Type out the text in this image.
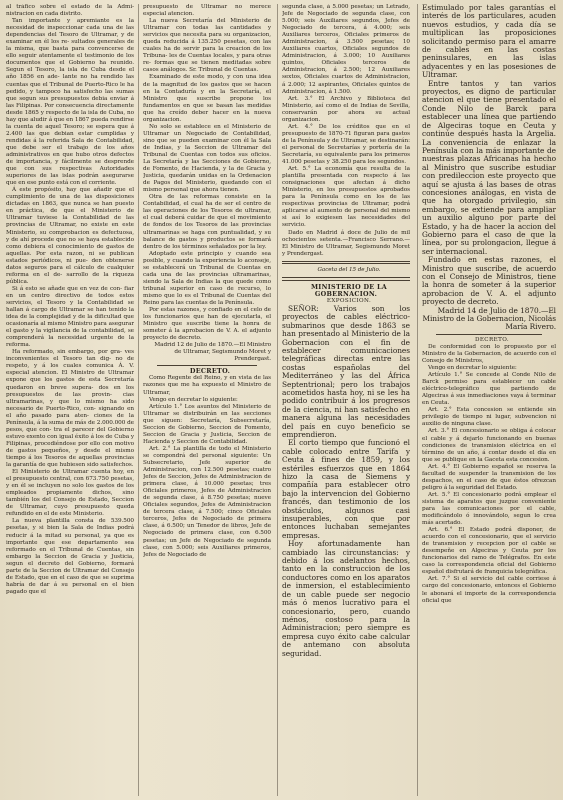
al tráfico sobre el estado de la Admi- nistracion en cada distrito.

Tan importante y apremiante es la necesidad de inspeccionar cada una de las dependencias del Tesoro de Ultramar, y de examinar en él los re- sultados generales de la misma, que basta para convencerse de ello seguir atentamente el testimonio de los documentos que el Gobierno ha reunido. Segun el Tesoro, la isla de Cuba desde el año 1856 en ade- lante no ha rendido las cuentas que el Tribunal de Puerto-Rico le ha pedido, y tampoco ha satisfecho las sumas que segun sus presupuestos debia enviar á las Filipinas. Por consecuencia directamente desde 1865 y respecto de la isla de Cuba, no hay que aludir á que en 1867 pueda rendirse la cuenta de aquel Tesoro; se espera que á 2.400 las que debian estar cumplidas y rendidas á la referida Sala de Contabilidad, que debe ser el trabajo de los años administrativos en que hubo otros defectos de importancia, y fácilmente se desprende que con sus respectivas Autoridades superiores de las islas podrán asegurarse que en ese punto está con el corriente.

Á este propósito, hay que añadir que el cumplimiento de una de las disposiciones dictadas en 1863, que nunca se han puesto en práctica, de que el Ministerio de Ultramar tuviese la Contabilidad de las provincias de Ultramar, no existe en este Ministerio, su comprobacion es defectuosa, y de ahí procede que no se haya establecido como debiera el conocimiento de gastos de aquellas. Por esta razon, ni se publican estados periódicos, ni pue- den obtenerse datos seguros para el cálculo de cualquier reforma en el de- sarrollo de la riqueza pública.

Si á esto se añade que en vez de con- fiar en un centro directivo de todos estos servicios, el Tesoro y la Contabilidad se hallan á cargo de Ultramar se han tenido la idea de la complejidad y de la dificultad que ocasionaría al mismo Ministro para asegurar el gasto y la vigilancia de la contabilidad, se comprenderá la necesidad urgente de la reforma.

Ha reformado, sin embargo, por gra- ves inconvenientes el Tesoro tan dig- no de respeto, y á los cuales comunica Á. V. especial atencion. El Ministro de Ultramar expone que los gastos de esta Secretaría quedaron en breve supera- dos en los presupuestos de las provin- cias ultramarinas, y que lo mismo ha sido necesario de Puerto-Rico, con- signando en el año pasado para aten- ciones de la Península, á la suma de más de 2.000.000 de pesos, que con- tra el parecer del Gobierno estuvo exento con igual éxito á los de Cuba y Filipinas, procediéndose por ello con motivo de gastos pequeños, y desde el mismo tiempo á los Tesoros de aquellas provincias la garantía de que hubiesen sido satisfechos.

El Ministerio de Ultramar cuenta hoy, en el presupuesto central, con 673.750 pesetas, y en él se incluyen no solo los gastos de los empleados propiamente dichos, sino también los del Consejo de Estado, Seccion de Ultramar, cuyo presupuesto queda refundido en el de este Ministerio.

La nueva plantilla consta de 539.500 pesetas, y si bien la Sala de Indias podrá reducir á la mitad su personal, ya que es importante que ese departamento sea reformado en el Tribunal de Cuentas, sin embargo la Seccion de Gracia y Justicia, segun el decreto del Gobierno, formará parte de la Seccion de Ultramar del Consejo de Estado, que en el caso de que se suprima habría de dar á su personal en el bien pagado que el

presupuesto de Ultramar no merece especial atencion.

La nueva Secretaría del Ministerio de Ultramar con todas las cantidades y servicios que necesita para su organizacion, queda reducida á 135.250 pesetas, con las cuales ha de servir para la creacion de los Tribuna- les de Cuentas locales, y para otras re- formas que se tienen meditadas sobre casos análogos. Sr. Tribunal de Cuentas.

Examinado de este modo, y con una idea de la magnitud de los gastos que se hacen en la Contaduría y en la Secretaría, el Ministro que suscribe propone los fundamentos en que se basan las medidas que ha creído deber hacer en la nueva organizacion.

No solo se establece en el Ministerio de Ultramar un Negociado de Contabilidad, sino que se pueden examinar con él la Sala de Indias, y la Seccion de Ultramar del Tribunal de Cuentas con todos sus oficios. La Secretaría y las Secciones de Gobierno, de Fomento, de Hacienda, y la de Gracia y Justicia, quedarán unidas en la Ordenacion de Pagos del Ministerio, quedando con el mismo personal que ahora tienen.

Otra de las reformas consiste en la Contabilidad, el cual ha de ser el centro de las operaciones de los Tesoros de ultramar, el cual deberá cuidar de que el movimiento de fondos de los Tesoros de las provincias ultramarinas se haga con puntualidad, y su balance de gastos y productos se formará dentro de los términos señalados por la ley.

Adoptado este principio y cuando sea posible, y cuando la experiencia lo aconseje, se establecerá un Tribunal de Cuentas en cada una de las provincias ultramarinas, siendo la Sala de Indias la que quede como tribunal superior en caso de recurso, lo mismo que lo es el Tribunal de Cuentas del Reino para las cuentas de la Península.

Por estas razones, y confiado en el celo de los funcionarios que han de ejecutarla, el Ministro que suscribe tiene la honra de someter á la aprobacion de V. A. el adjunto proyecto de decreto.

Madrid 12 de Julio de 1870.—El Ministro de Ultramar, Segismundo Moret y Prendergast.

DECRETO.

Como Regente del Reino, y en vista de las razones que me ha expuesto el Ministro de Ultramar,

Vengo en decretar lo siguiente:

Artículo 1.° Los asuntos del Ministerio de Ultramar se distribuirán en las secciones que siguen: Secretaría, Subsecretaría, Seccion de Gobierno, Seccion de Fomento, Seccion de Gracia y Justicia, Seccion de Hacienda y Seccion de Contabilidad.

Art. 2.° La plantilla de todo el Ministerio se compondrá del personal siguiente: Un Subsecretario, Jefe superior de Administracion, con 12.500 pesetas; cuatro Jefes de Seccion, Jefes de Administracion de primera clase, á 10.000 pesetas; tres Oficiales primeros, Jefes de Administracion de segunda clase, á 8.750 pesetas; nueve Oficiales segundos, Jefes de Administracion de tercera clase, á 7.500; cinco Oficiales terceros, Jefes de Negociado de primera clase, á 6.500; un Tenedor de libros, Jefe de Negociado de primera clase, con 6.500 pesetas; un Jefe de Negociado de segunda clase, con 5.000; seis Auxiliares primeros, Jefes de Negociado de

segunda clase, á 5.000 pesetas; un Letrado, Jefe de Negociado de segunda clase, con 5.000; seis Auxiliares segundos, Jefes de Negociado de tercera, á 4.000; seis Auxiliares terceros, Oficiales primeros de Administracion, á 3.500 pesetas; 10 Auxiliares cuartos, Oficiales segundos de Administracion, á 3.000; 10 Auxiliares quintos, Oficiales terceros de Administracion, á 2.500; 12 Auxiliares sextos, Oficiales cuartos de Administracion, á 2.000; 12 aspirantes, Oficiales quintos de Administracion, á 1.500.

Art. 3.° El Archivo y Biblioteca del Ministerio, así como el de Indias de Sevilla, conservarán por ahora su actual organizacion.

Art. 4.° De los créditos que en el presupuesto de 1870-71 figuran para gastos de la Península y de Ultramar, se destinarán: el personal de Secretarías y portería de la Secretaría, su equivalente para los primeros 41.000 pesetas y 38.250 para los segundos.

Art. 5.° La economía que resulta de la plantilla presentada con respecto á las consignaciones que afectan á dicho Ministerio, en los presupuestos aprobados para la Península como en los de las respectivas provincias de Ultramar, podrá aplicarse al aumento de personal del mismo si así lo exigiesen las necesidades del servicio.

Dado en Madrid á doce de Julio de mil ochocientos setenta.—Francisco Serrano.—El Ministro de Ultramar, Segismundo Moret y Prendergast.

Gaceta del 15 de Julio.

MINISTERIO DE LA GOBERNACION.

EXPOSICION.

SEÑOR: Varios son los proyectos de cables eléctrico-submarinos que desde 1863 se han presentado al Ministerio de la Gobernacion con el fin de establecer comunicaciones telegráficas directas entre las costas españolas del Mediterráneo y las del África Septentrional; pero los trabajos acometidos hasta hoy, ni se les ha podido contribuir á los progresos de la ciencia, ni han satisfecho en manera alguna las necesidades del país en cuyo beneficio se emprendieron.

El corto tiempo que funcionó el cable colocado entre Tarifa y Ceuta á fines de 1859, y los estériles esfuerzos que en 1864 hizo la casa de Siemens y compañía para establecer otro bajo la intervencion del Gobierno francés, dan testimonio de los obstáculos, algunos casi insuperables, con que por entonces luchaban semejantes empresas.

Hoy afortunadamente han cambiado las circunstancias: y debido á los adelantos hechos, tanto en la construccion de los conductores como en los aparatos de inmersion, el establecimiento de un cable puede ser negocio más ó menos lucrativo para el concesionario, pero, cuando ménos, costoso para la Administracion; pero siempre es empresa cuyo éxito cabe calcular de antemano con absoluta seguridad.

Estimulado por tales garantías el interés de los particulares, acuden nuevos estudios, y cada día se multiplican las proposiciones solicitando permiso para el amarre de cables en las costas peninsulares, en las islas adyacentes y en las posesiones de Ultramar.

Entre tantos y tan varios proyectos, es digno de particular atencion el que tiene presentado el Conde Nilo de Barck para establecer una línea que partiendo de Algeciras toque en Ceuta y continúe después hasta la Argelia. La conveniencia de enlazar la Península con la más importante de nuestras plazas Africanas ha hecho al Ministro que suscribe estudiar con predileccion este proyecto que aquí se ajusta á las bases de otras concesiones análogas, en vista de que ha otorgado privilegio, sin embargo, se extiende para ampliar un auxilio alguno por parte del Estado, y ha de hacer la accion del Gobierno para el caso de que la línea, por su prolongacion, llegue á ser internacional.

Fundado en estas razones, el Ministro que suscribe, de acuerdo con el Consejo de Ministros, tiene la honra de someter á la superior aprobacion de V. A. el adjunto proyecto de decreto.

Madrid 14 de Julio de 1870.—El Ministro de la Gobernacion, Nicolás María Rivero.

DECRETO.

De conformidad con lo propuesto por el Ministro de la Gobernacion, de acuerdo con el Consejo de Ministros,

Vengo en decretar lo siguiente:

Artículo 1.° Se concede al Conde Nilo de Barck permiso para establecer un cable eléctrico-telegráfico que partiendo de Algeciras á sus inmediaciones vaya á terminar en Ceuta.

Art. 2.° Esta concesion se entiende sin privilegio de tiempo ni lugar, subvencion ni auxilio de ninguna clase.

Art. 3.° El concesionario se obliga á colocar el cable y á dejarlo funcionando en buenas condiciones de transmision eléctrica en el término de un año, á contar desde el día en que se publique en la Gaceta esta concesion.

Art. 4.° El Gobierno español se reserva la facultad de suspender la transmision de los despachos, en el caso de que éstos ofrezcan peligro á la seguridad del Estado.

Art. 5.° El concesionario podrá emplear el sistema de aparatos que juzgue conveniente para las comunicaciones por el cable, modificándolo ó innovándolo, segun lo crea más acertado.

Art. 6.° El Estado podrá disponer, de acuerdo con el concesionario, que el servicio de transmision y recepcion por el cable se desempeñe en Algeciras y Ceuta por los funcionarios del ramo de Telégrafos. En este caso la correspondencia oficial del Gobierno español disfrutará de franquicia telegráfica.

Art. 7.° Si el servicio del cable corriese á cargo del concesionario, entonces el Gobierno le abonará el importe de la correspondencia oficial que
